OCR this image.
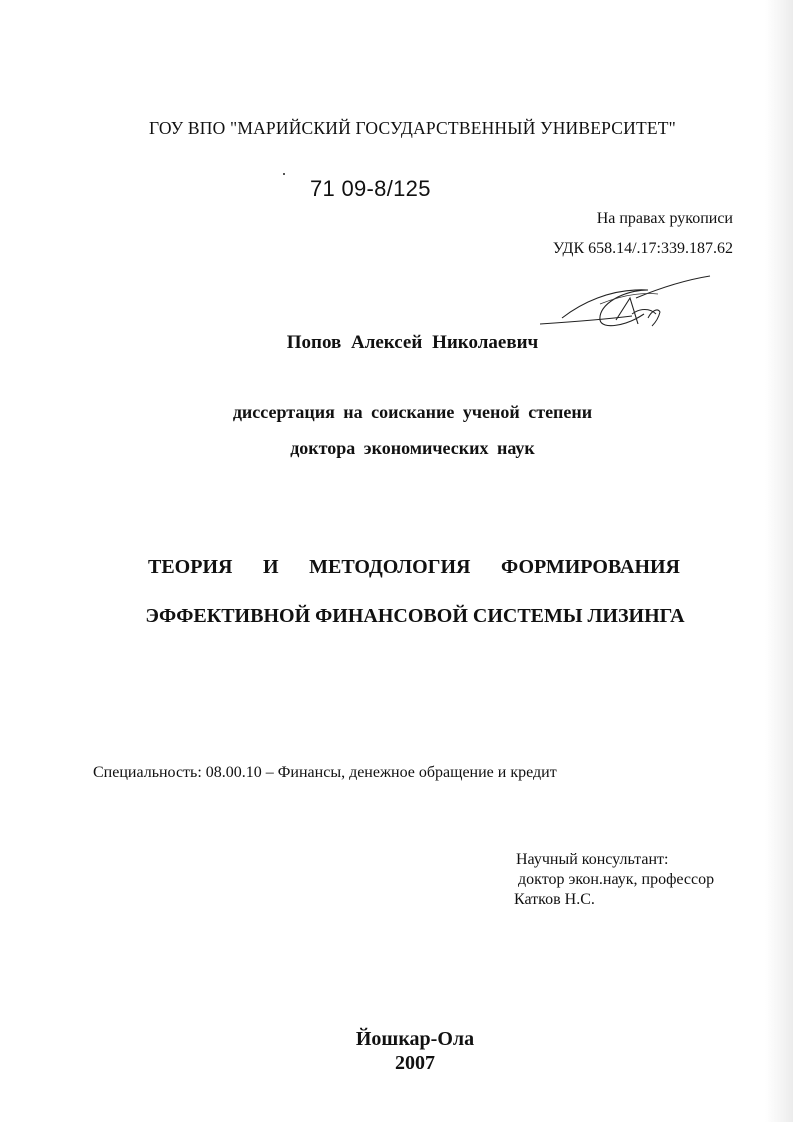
ГОУ ВПО "МАРИЙСКИЙ ГОСУДАРСТВЕННЫЙ УНИВЕРСИТЕТ"
71 09-8/125
На правах рукописи
УДК 658.14/.17:339.187.62
Попов Алексей Николаевич
диссертация на соискание ученой степени
доктора экономических наук
ТЕОРИЯ И МЕТОДОЛОГИЯ ФОРМИРОВАНИЯ
ЭФФЕКТИВНОЙ ФИНАНСОВОЙ СИСТЕМЫ ЛИЗИНГА
Специальность: 08.00.10 – Финансы, денежное обращение и кредит
Научный консультант:
доктор экон.наук, профессор
Катков Н.С.
Йошкар-Ола
2007
